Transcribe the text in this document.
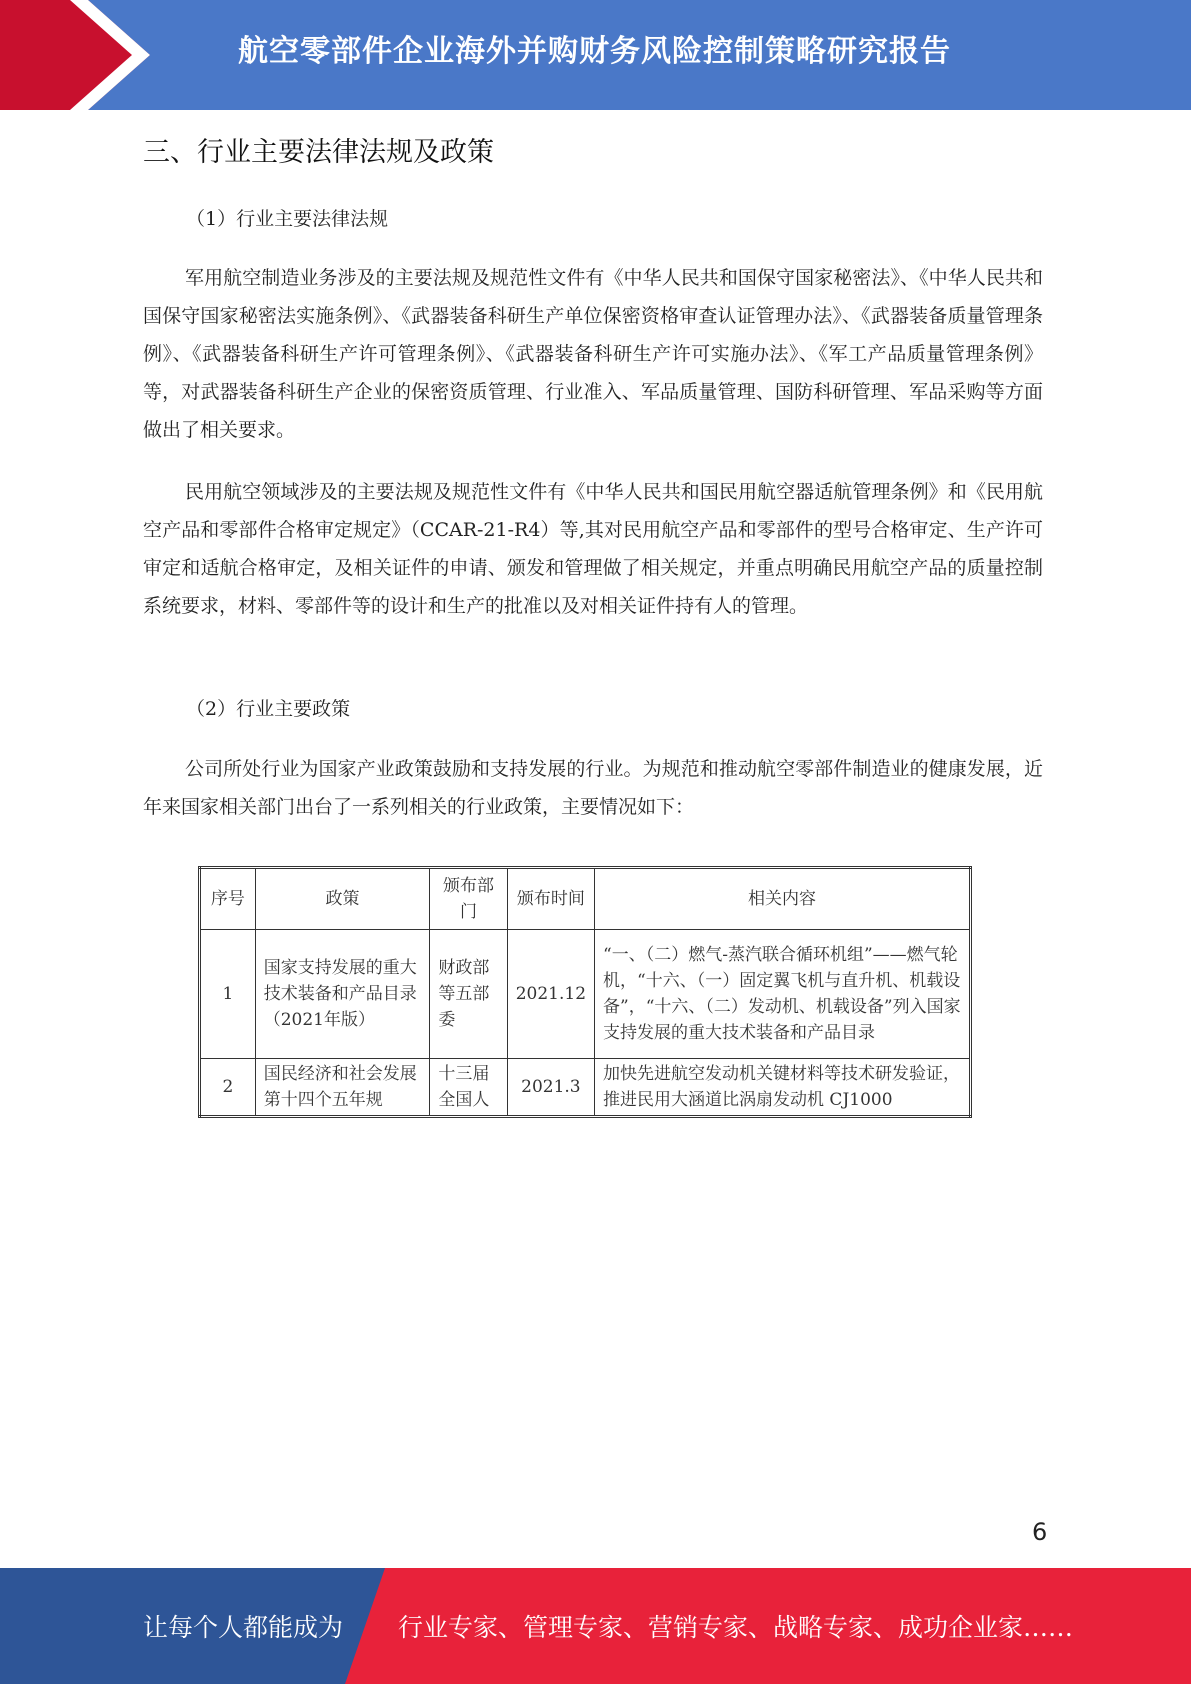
航空零部件企业海外并购财务风险控制策略研究报告
三、行业主要法律法规及政策
（1）行业主要法律法规

军用航空制造业务涉及的主要法规及规范性文件有《中华人民共和国保守国家秘密法》、《中华人民共和国保守国家秘密法实施条例》、《武器装备科研生产单位保密资格审查认证管理办法》、《武器装备质量管理条例》、《武器装备科研生产许可管理条例》、《武器装备科研生产许可实施办法》、《军工产品质量管理条例》等，对武器装备科研生产企业的保密资质管理、行业准入、军品质量管理、国防科研管理、军品采购等方面做出了相关要求。

民用航空领域涉及的主要法规及规范性文件有《中华人民共和国民用航空器适航管理条例》和《民用航空产品和零部件合格审定规定》（CCAR-21-R4）等,其对民用航空产品和零部件的型号合格审定、生产许可审定和适航合格审定，及相关证件的申请、颁发和管理做了相关规定，并重点明确民用航空产品的质量控制系统要求，材料、零部件等的设计和生产的批准以及对相关证件持有人的管理。

（2）行业主要政策

公司所处行业为国家产业政策鼓励和支持发展的行业。为规范和推动航空零部件制造业的健康发展，近年来国家相关部门出台了一系列相关的行业政策，主要情况如下：

序号	政策	颁布部门	颁布时间	相关内容
1	国家支持发展的重大技术装备和产品目录（2021年版）	财政部等五部委	2021.12	“一、（二）燃气-蒸汽联合循环机组”——燃气轮机，“十六、（一）固定翼飞机与直升机、机载设备”，“十六、（二）发动机、机载设备”列入国家支持发展的重大技术装备和产品目录
2	国民经济和社会发展第十四个五年规	十三届全国人	2021.3	加快先进航空发动机关键材料等技术研发验证，推进民用大涵道比涡扇发动机 CJ1000
6
让每个人都能成为 行业专家、管理专家、营销专家、战略专家、成功企业家……
